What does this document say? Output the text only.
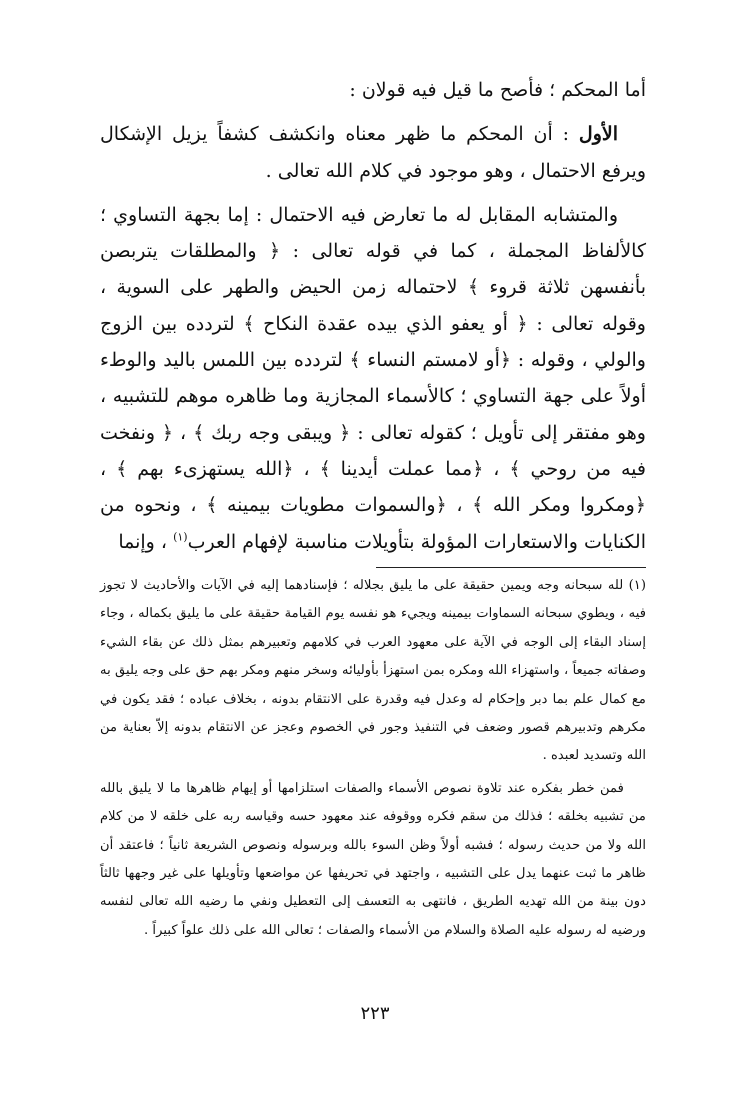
أما المحكم ؛ فأصح ما قيل فيه قولان :

الأول : أن المحكم ما ظهر معناه وانكشف كشفاً يزيل الإشكال ويرفع الاحتمال ، وهو موجود في كلام الله تعالى .

والمتشابه المقابل له ما تعارض فيه الاحتمال : إما بجهة التساوي ؛ كالألفاظ المجملة ، كما في قوله تعالى : ﴿ والمطلقات يتربصن بأنفسهن ثلاثة قروء ﴾ لاحتماله زمن الحيض والطهر على السوية ، وقوله تعالى : ﴿ أو يعفو الذي بيده عقدة النكاح ﴾ لتردده بين الزوج والولي ، وقوله : ﴿أو لامستم النساء ﴾ لتردده بين اللمس باليد والوطء أولاً على جهة التساوي ؛ كالأسماء المجازية وما ظاهره موهم للتشبيه ، وهو مفتقر إلى تأويل ؛ كقوله تعالى : ﴿ ويبقى وجه ربك ﴾ ، ﴿ ونفخت فيه من روحي ﴾ ، ﴿مما عملت أيدينا ﴾ ، ﴿الله يستهزىء بهم ﴾ ، ﴿ومكروا ومكر الله ﴾ ، ﴿والسموات مطويات بيمينه ﴾ ، ونحوه من الكنايات والاستعارات المؤولة بتأويلات مناسبة لإفهام العرب$^{(١)}$ ، وإنما

(١) لله سبحانه وجه ويمين حقيقة على ما يليق بجلاله ؛ فإسنادهما إليه في الآيات والأحاديث لا تجوز فيه ، ويطوي سبحانه السماوات بيمينه ويجيء هو نفسه يوم القيامة حقيقة على ما يليق بكماله ، وجاء إسناد البقاء إلى الوجه في الآية على معهود العرب في كلامهم وتعبيرهم بمثل ذلك عن بقاء الشيء وصفاته جميعاً ، واستهزاء الله ومكره بمن استهزأ بأوليائه وسخر منهم ومكر بهم حق على وجه يليق به مع كمال علم بما دبر وإحكام له وعدل فيه وقدرة على الانتقام بدونه ، بخلاف عباده ؛ فقد يكون في مكرهم وتدبيرهم قصور وضعف في التنفيذ وجور في الخصوم وعجز عن الانتقام بدونه إلاّ بعناية من الله وتسديد لعبده .

فمن خطر بفكره عند تلاوة نصوص الأسماء والصفات استلزامها أو إيهام ظاهرها ما لا يليق بالله من تشبيه بخلقه ؛ فذلك من سقم فكره ووقوفه عند معهود حسه وقياسه ربه على خلقه لا من كلام الله ولا من حديث رسوله ؛ فشبه أولاً وظن السوء بالله وبرسوله ونصوص الشريعة ثانياً ؛ فاعتقد أن ظاهر ما ثبت عنهما يدل على التشبيه ، واجتهد في تحريفها عن مواضعها وتأويلها على غير وجهها ثالثاً دون بينة من الله تهديه الطريق ، فانتهى به التعسف إلى التعطيل ونفي ما رضيه الله تعالى لنفسه ورضيه له رسوله عليه الصلاة والسلام من الأسماء والصفات ؛ تعالى الله على ذلك علواً كبيراً .

٢٢٣
